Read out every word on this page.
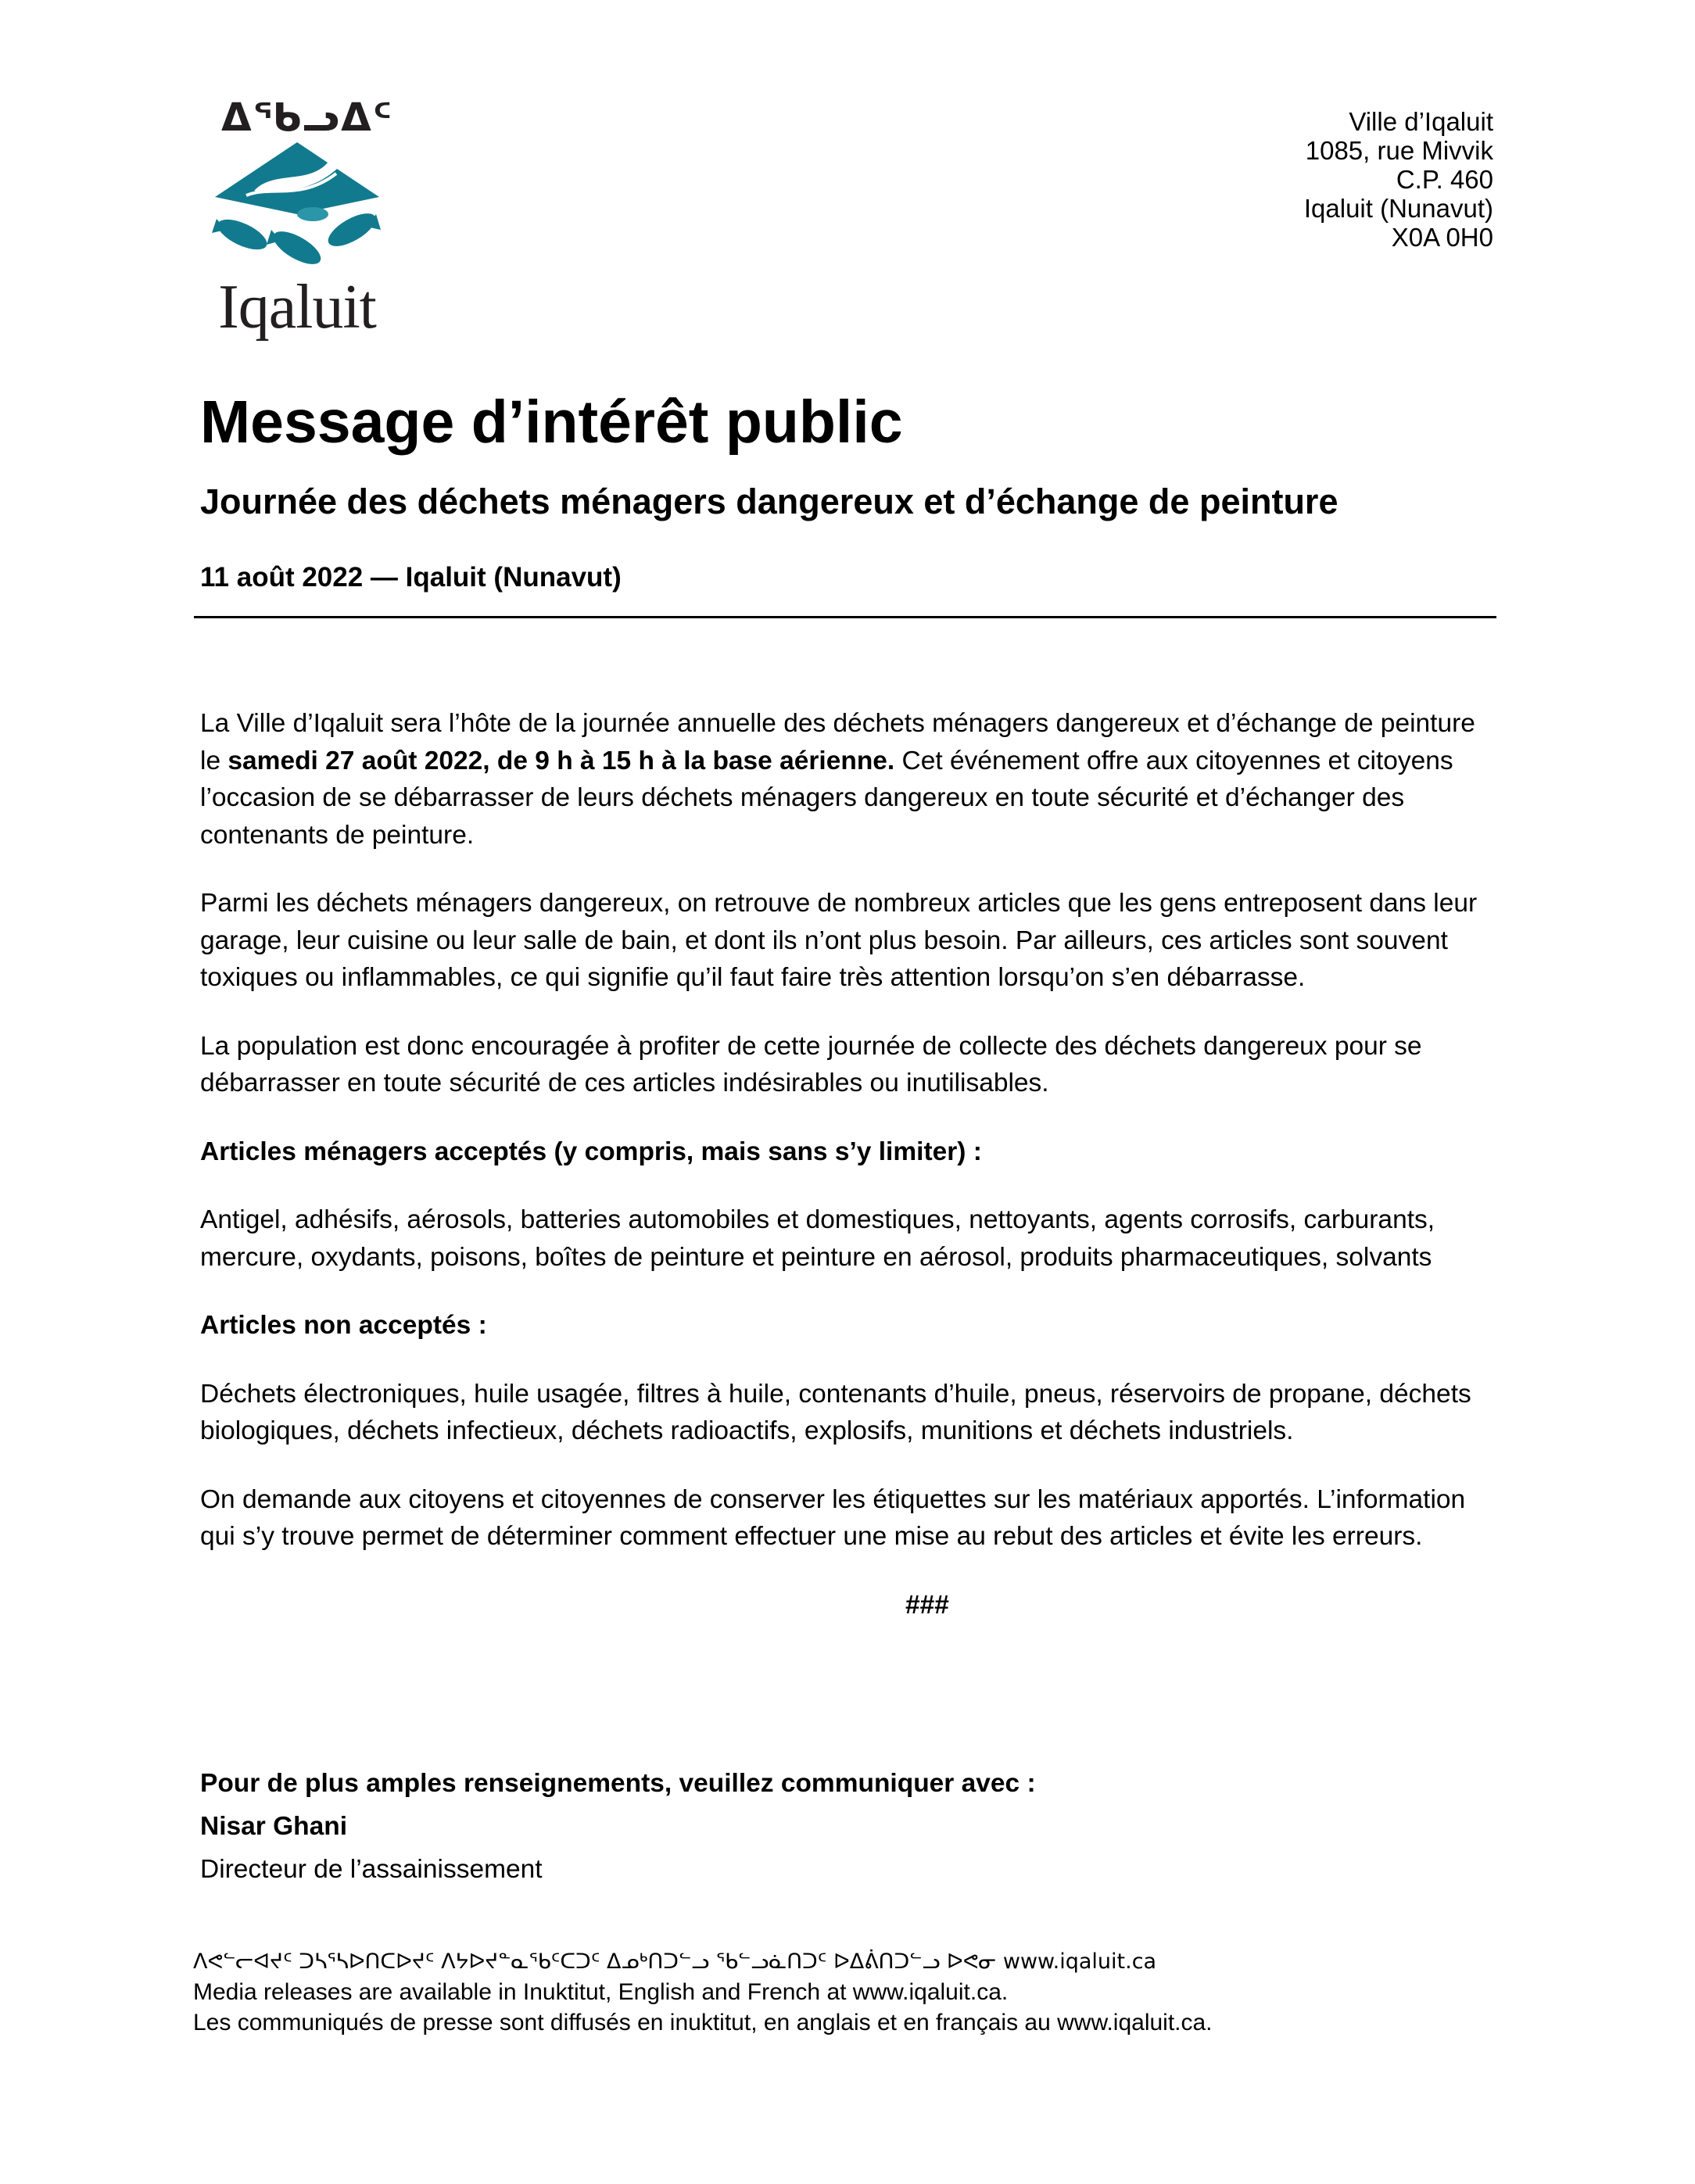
ᐃᖃᓗᐃᑦ
Iqaluit
Ville d’Iqaluit
1085, rue Mivvik
C.P. 460
Iqaluit (Nunavut)
X0A 0H0
Message d’intérêt public
Journée des déchets ménagers dangereux et d’échange de peinture
11 août 2022 — Iqaluit (Nunavut)

La Ville d’Iqaluit sera l’hôte de la journée annuelle des déchets ménagers dangereux et d’échange de peinture le samedi 27 août 2022, de 9 h à 15 h à la base aérienne. Cet événement offre aux citoyennes et citoyens l’occasion de se débarrasser de leurs déchets ménagers dangereux en toute sécurité et d’échanger des contenants de peinture.

Parmi les déchets ménagers dangereux, on retrouve de nombreux articles que les gens entreposent dans leur garage, leur cuisine ou leur salle de bain, et dont ils n’ont plus besoin. Par ailleurs, ces articles sont souvent toxiques ou inflammables, ce qui signifie qu’il faut faire très attention lorsqu’on s’en débarrasse.

La population est donc encouragée à profiter de cette journée de collecte des déchets dangereux pour se débarrasser en toute sécurité de ces articles indésirables ou inutilisables.

Articles ménagers acceptés (y compris, mais sans s’y limiter) :

Antigel, adhésifs, aérosols, batteries automobiles et domestiques, nettoyants, agents corrosifs, carburants, mercure, oxydants, poisons, boîtes de peinture et peinture en aérosol, produits pharmaceutiques, solvants

Articles non acceptés :

Déchets électroniques, huile usagée, filtres à huile, contenants d’huile, pneus, réservoirs de propane, déchets biologiques, déchets infectieux, déchets radioactifs, explosifs, munitions et déchets industriels.

On demande aux citoyens et citoyennes de conserver les étiquettes sur les matériaux apportés. L’information qui s’y trouve permet de déterminer comment effectuer une mise au rebut des articles et évite les erreurs.

###

Pour de plus amples renseignements, veuillez communiquer avec :
Nisar Ghani
Directeur de l’assainissement
ᐱᕙᓪᓕᐊᔪᑦ ᑐᓴᕐᓴᐅᑎᑕᐅᔪᑦ ᐱᔭᐅᔪᓐᓇᖃᑦᑕᑐᑦ ᐃᓄᒃᑎᑐᓪᓗ ᖃᓪᓗᓈᑎᑐᑦ ᐅᐃᕖᑎᑐᓪᓗ ᐅᕙᓂ www.iqaluit.ca
Media releases are available in Inuktitut, English and French at www.iqaluit.ca.
Les communiqués de presse sont diffusés en inuktitut, en anglais et en français au www.iqaluit.ca.
